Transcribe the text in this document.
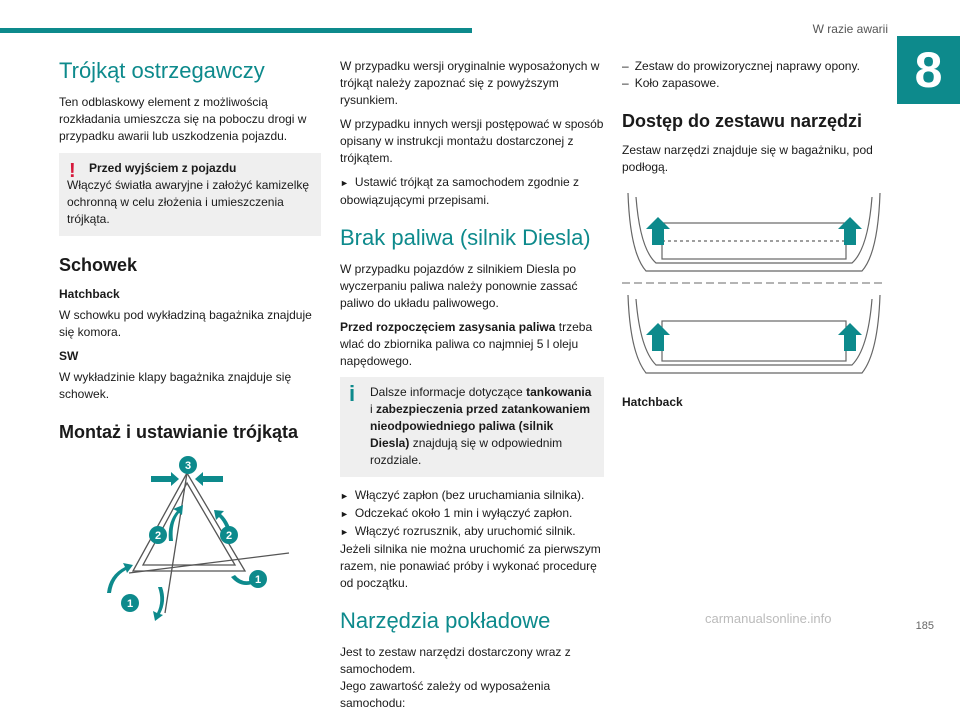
W razie awarii
8
Trójkąt ostrzegawczy

Ten odblaskowy element z możliwością rozkładania umieszcza się na poboczu drogi w przypadku awarii lub uszkodzenia pojazdu.

!	Przed wyjściem z pojazdu
Włączyć światła awaryjne i założyć kamizelkę ochronną w celu złożenia i umieszczenia trójkąta.
Schowek
Hatchback

W schowku pod wykładziną bagażnika znajduje się komora.

SW

W wykładzinie klapy bagażnika znajduje się schowek.

Montaż i ustawianie trójkąta
3
2	2
1
1

W przypadku wersji oryginalnie wyposażonych w trójkąt należy zapoznać się z powyższym rysunkiem.

W przypadku innych wersji postępować w sposób opisany w instrukcji montażu dostarczonej z trójkątem.

► Ustawić trójkąt za samochodem zgodnie z obowiązującymi przepisami.

Brak paliwa (silnik Diesla)

W przypadku pojazdów z silnikiem Diesla po wyczerpaniu paliwa należy ponownie zassać paliwo do układu paliwowego.

Przed rozpoczęciem zasysania paliwa trzeba wlać do zbiornika paliwa co najmniej 5 l oleju napędowego.

i	Dalsze informacje dotyczące tankowania i zabezpieczenia przed zatankowaniem nieodpowiedniego paliwa (silnik Diesla) znajdują się w odpowiednim rozdziale.
► Włączyć zapłon (bez uruchamiania silnika).
► Odczekać około 1 min i wyłączyć zapłon.
► Włączyć rozrusznik, aby uruchomić silnik.

Jeżeli silnika nie można uruchomić za pierwszym razem, nie ponawiać próby i wykonać procedurę od początku.

Narzędzia pokładowe

Jest to zestaw narzędzi dostarczony wraz z samochodem.

Jego zawartość zależy od wyposażenia samochodu:

– Zestaw do prowizorycznej naprawy opony.
– Koło zapasowe.
Dostęp do zestawu narzędzi

Zestaw narzędzi znajduje się w bagażniku, pod podłogą.

Hatchback

185
carmanualsonline.info
